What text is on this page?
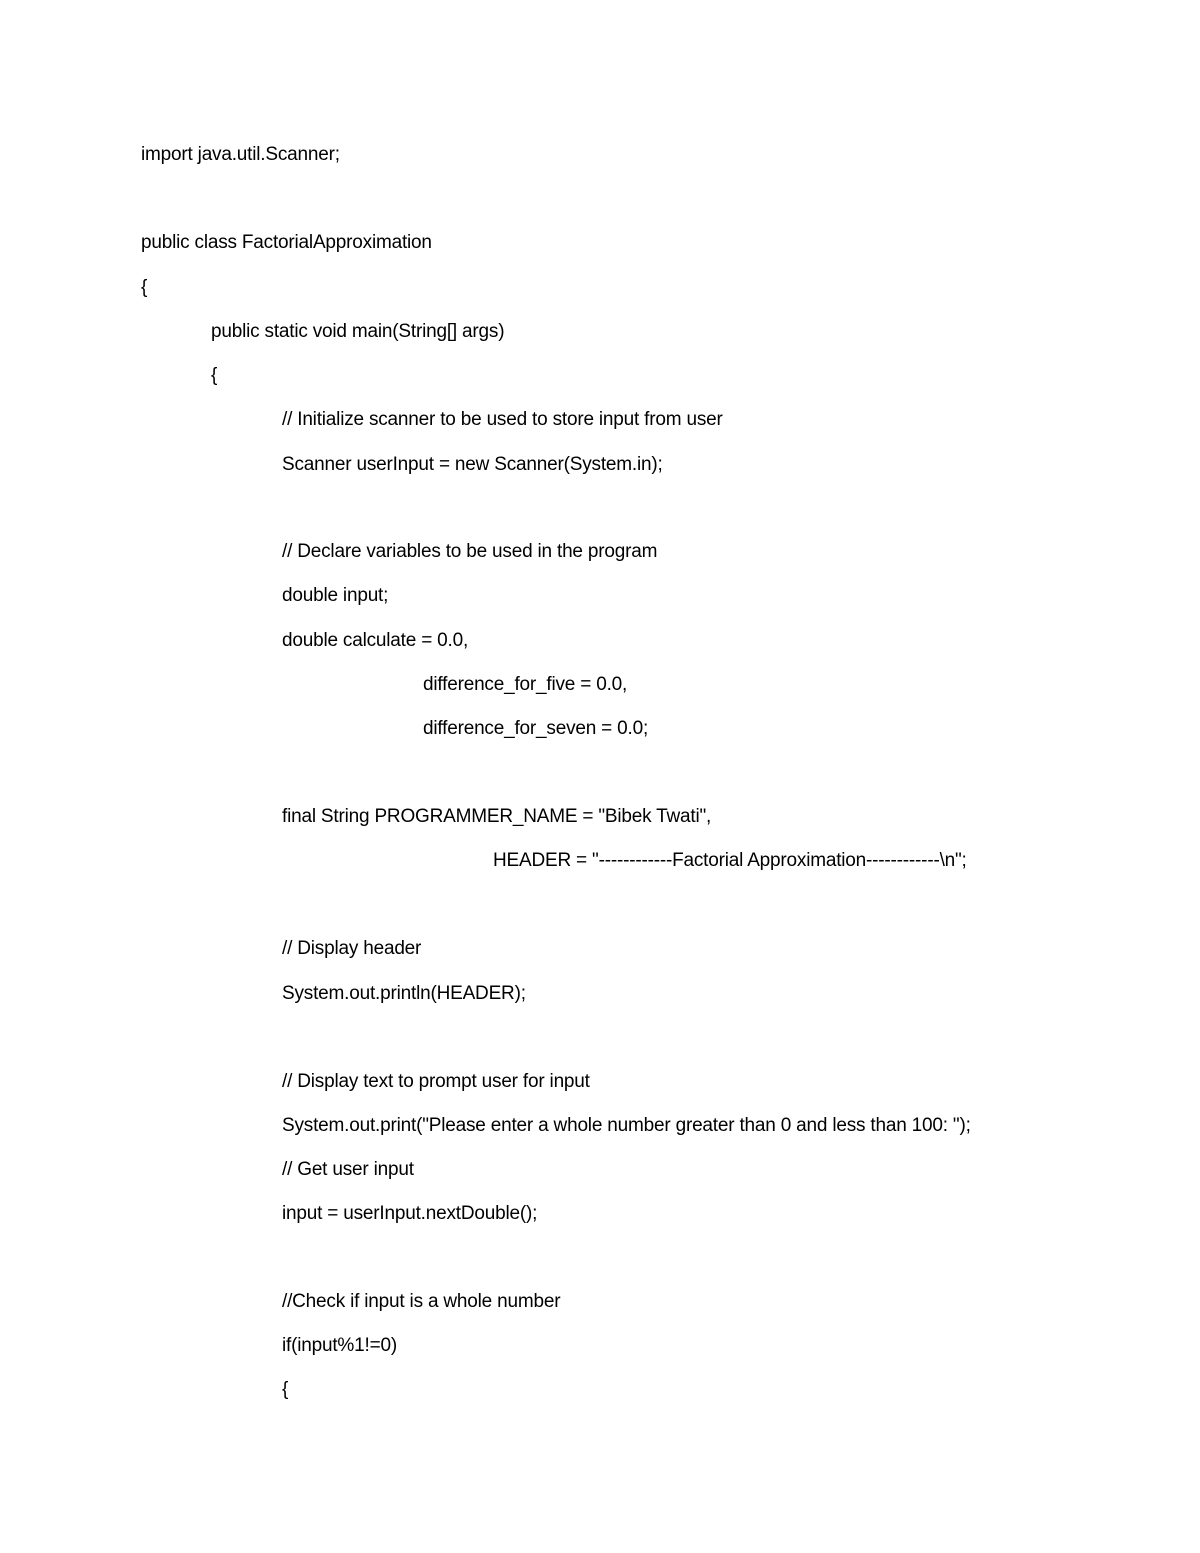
import java.util.Scanner;
public class FactorialApproximation
{
public static void main(String[] args)
{
// Initialize scanner to be used to store input from user
Scanner userInput = new Scanner(System.in);
// Declare variables to be used in the program
double input;
double calculate = 0.0,
difference_for_five = 0.0,
difference_for_seven = 0.0;
final String PROGRAMMER_NAME = "Bibek Twati",
HEADER = "------------Factorial Approximation------------\n";
// Display header
System.out.println(HEADER);
// Display text to prompt user for input
System.out.print("Please enter a whole number greater than 0 and less than 100: ");
// Get user input
input = userInput.nextDouble();
//Check if input is a whole number
if(input%1!=0)
{
